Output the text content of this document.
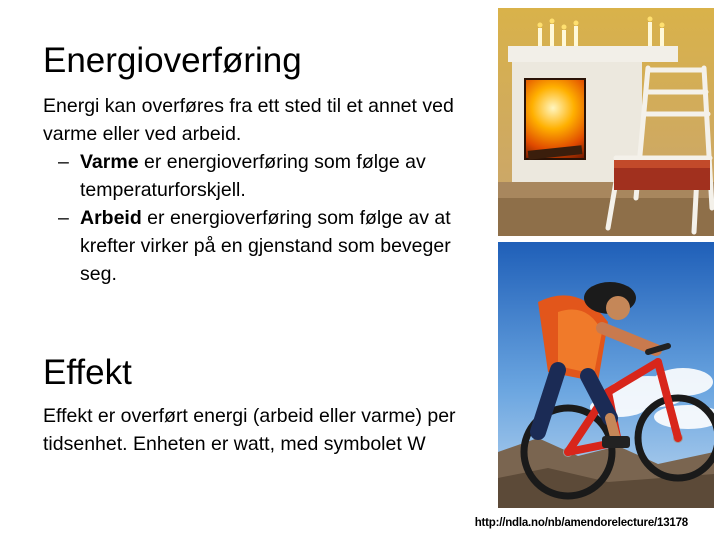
Energioverføring

Energi kan overføres fra ett sted til et annet ved varme eller ved arbeid.

– Varme er energioverføring som følge av temperaturforskjell.
– Arbeid er energioverføring som følge av at krefter virker på en gjenstand som beveger seg.
Effekt

Effekt er overført energi (arbeid eller varme) per tidsenhet. Enheten er watt, med symbolet W

http://ndla.no/nb/amendorelecture/13178
